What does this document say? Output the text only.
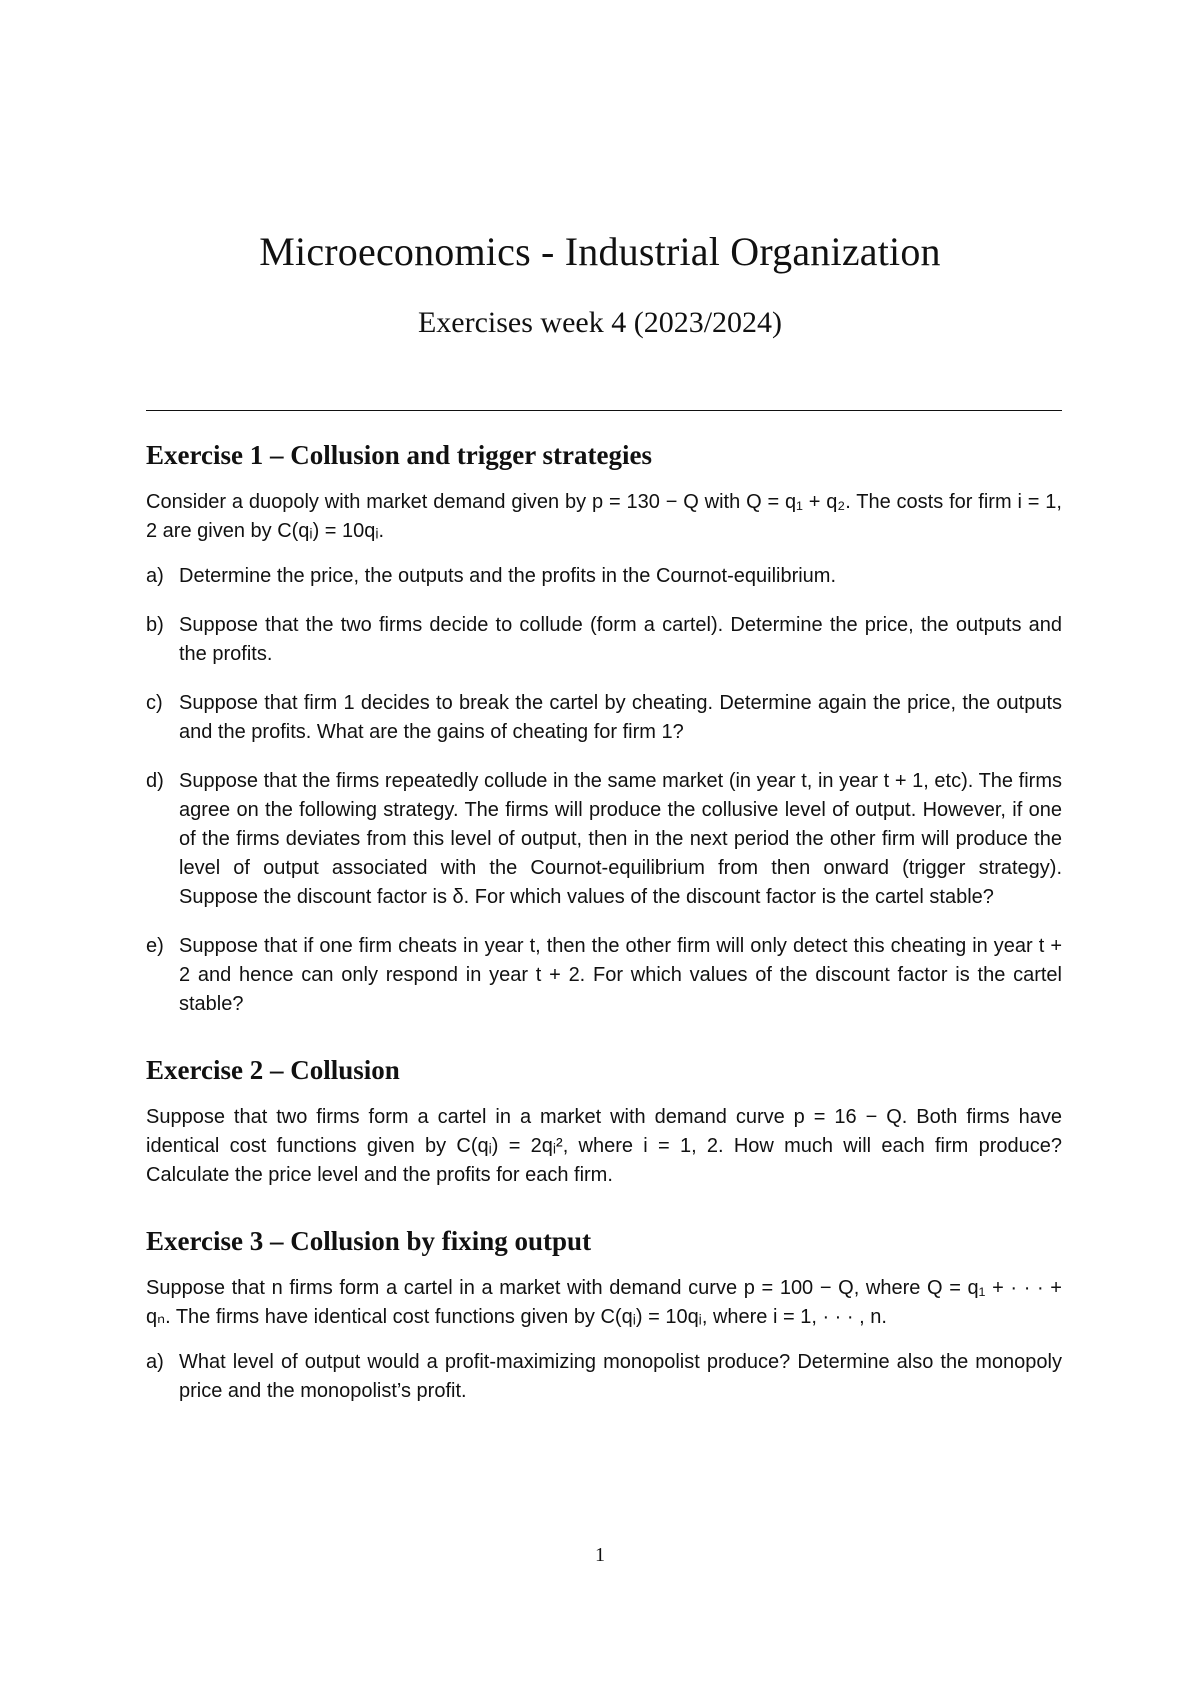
Microeconomics - Industrial Organization
Exercises week 4 (2023/2024)
Exercise 1 – Collusion and trigger strategies

Consider a duopoly with market demand given by p = 130 − Q with Q = q₁ + q₂. The costs for firm i = 1, 2 are given by C(qᵢ) = 10qᵢ.

a) Determine the price, the outputs and the profits in the Cournot-equilibrium.
b) Suppose that the two firms decide to collude (form a cartel). Determine the price, the outputs and the profits.
c) Suppose that firm 1 decides to break the cartel by cheating. Determine again the price, the outputs and the profits. What are the gains of cheating for firm 1?
d) Suppose that the firms repeatedly collude in the same market (in year t, in year t + 1, etc). The firms agree on the following strategy. The firms will produce the collusive level of output. However, if one of the firms deviates from this level of output, then in the next period the other firm will produce the level of output associated with the Cournot-equilibrium from then onward (trigger strategy). Suppose the discount factor is δ. For which values of the discount factor is the cartel stable?
e) Suppose that if one firm cheats in year t, then the other firm will only detect this cheating in year t + 2 and hence can only respond in year t + 2. For which values of the discount factor is the cartel stable?
Exercise 2 – Collusion

Suppose that two firms form a cartel in a market with demand curve p = 16 − Q. Both firms have identical cost functions given by C(qᵢ) = 2qᵢ², where i = 1, 2. How much will each firm produce? Calculate the price level and the profits for each firm.

Exercise 3 – Collusion by fixing output

Suppose that n firms form a cartel in a market with demand curve p = 100 − Q, where Q = q₁ + · · · + qₙ. The firms have identical cost functions given by C(qᵢ) = 10qᵢ, where i = 1, · · · , n.

a) What level of output would a profit-maximizing monopolist produce? Determine also the monopoly price and the monopolist’s profit.
1
